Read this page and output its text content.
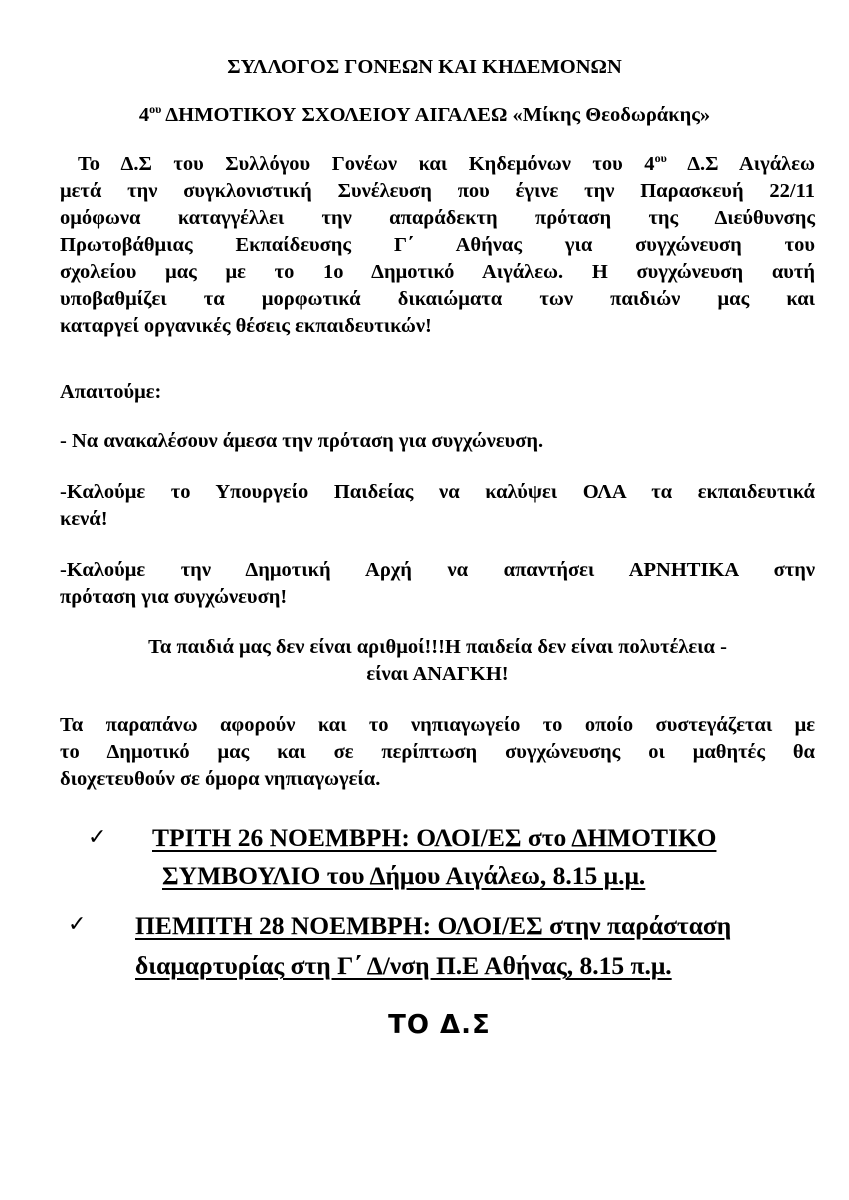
ΣΥΛΛΟΓΟΣ ΓΟΝΕΩΝ ΚΑΙ ΚΗΔΕΜΟΝΩΝ
$4^{o\upsilon}$ ΔΗΜΟΤΙΚΟΥ ΣΧΟΛΕΙΟΥ ΑΙΓΑΛΕΩ «Μίκης Θεοδωράκης»
Το Δ.Σ του Συλλόγου Γονέων και Κηδεμόνων του $4^{o\upsilon}$ Δ.Σ Αιγάλεω
μετά την συγκλονιστική Συνέλευση που έγινε την Παρασκευή 22/11
ομόφωνα καταγγέλλει την απαράδεκτη πρόταση της Διεύθυνσης
Πρωτοβάθμιας Εκπαίδευσης Γ΄ Αθήνας για συγχώνευση του
σχολείου μας με το 1ο Δημοτικό Αιγάλεω. Η συγχώνευση αυτή
υποβαθμίζει τα μορφωτικά δικαιώματα των παιδιών μας και
καταργεί οργανικές θέσεις εκπαιδευτικών!
Απαιτούμε:
- Να ανακαλέσουν άμεσα την πρόταση για συγχώνευση.
-Καλούμε το Υπουργείο Παιδείας να καλύψει ΟΛΑ τα εκπαιδευτικά
κενά!
-Καλούμε την Δημοτική Αρχή να απαντήσει ΑΡΝΗΤΙΚΑ στην
πρόταση για συγχώνευση!
Τα παιδιά μας δεν είναι αριθμοί!!!Η παιδεία δεν είναι πολυτέλεια -
είναι ΑΝΑΓΚΗ!
Τα παραπάνω αφορούν και το νηπιαγωγείο το οποίο συστεγάζεται με
το Δημοτικό μας και σε περίπτωση συγχώνευσης οι μαθητές θα
διοχετευθούν σε όμορα νηπιαγωγεία.
✓ ΤΡΙΤΗ 26 ΝΟΕΜΒΡΗ: ΟΛΟΙ/ΕΣ στο ΔΗΜΟΤΙΚΟ
ΣΥΜΒΟΥΛΙΟ του Δήμου Αιγάλεω, 8.15 μ.μ.
✓ ΠΕΜΠΤΗ 28 ΝΟΕΜΒΡΗ: ΟΛΟΙ/ΕΣ στην παράσταση
διαμαρτυρίας στη Γ΄ Δ/νση Π.Ε Αθήνας, 8.15 π.μ.
ΤΟ Δ.Σ
